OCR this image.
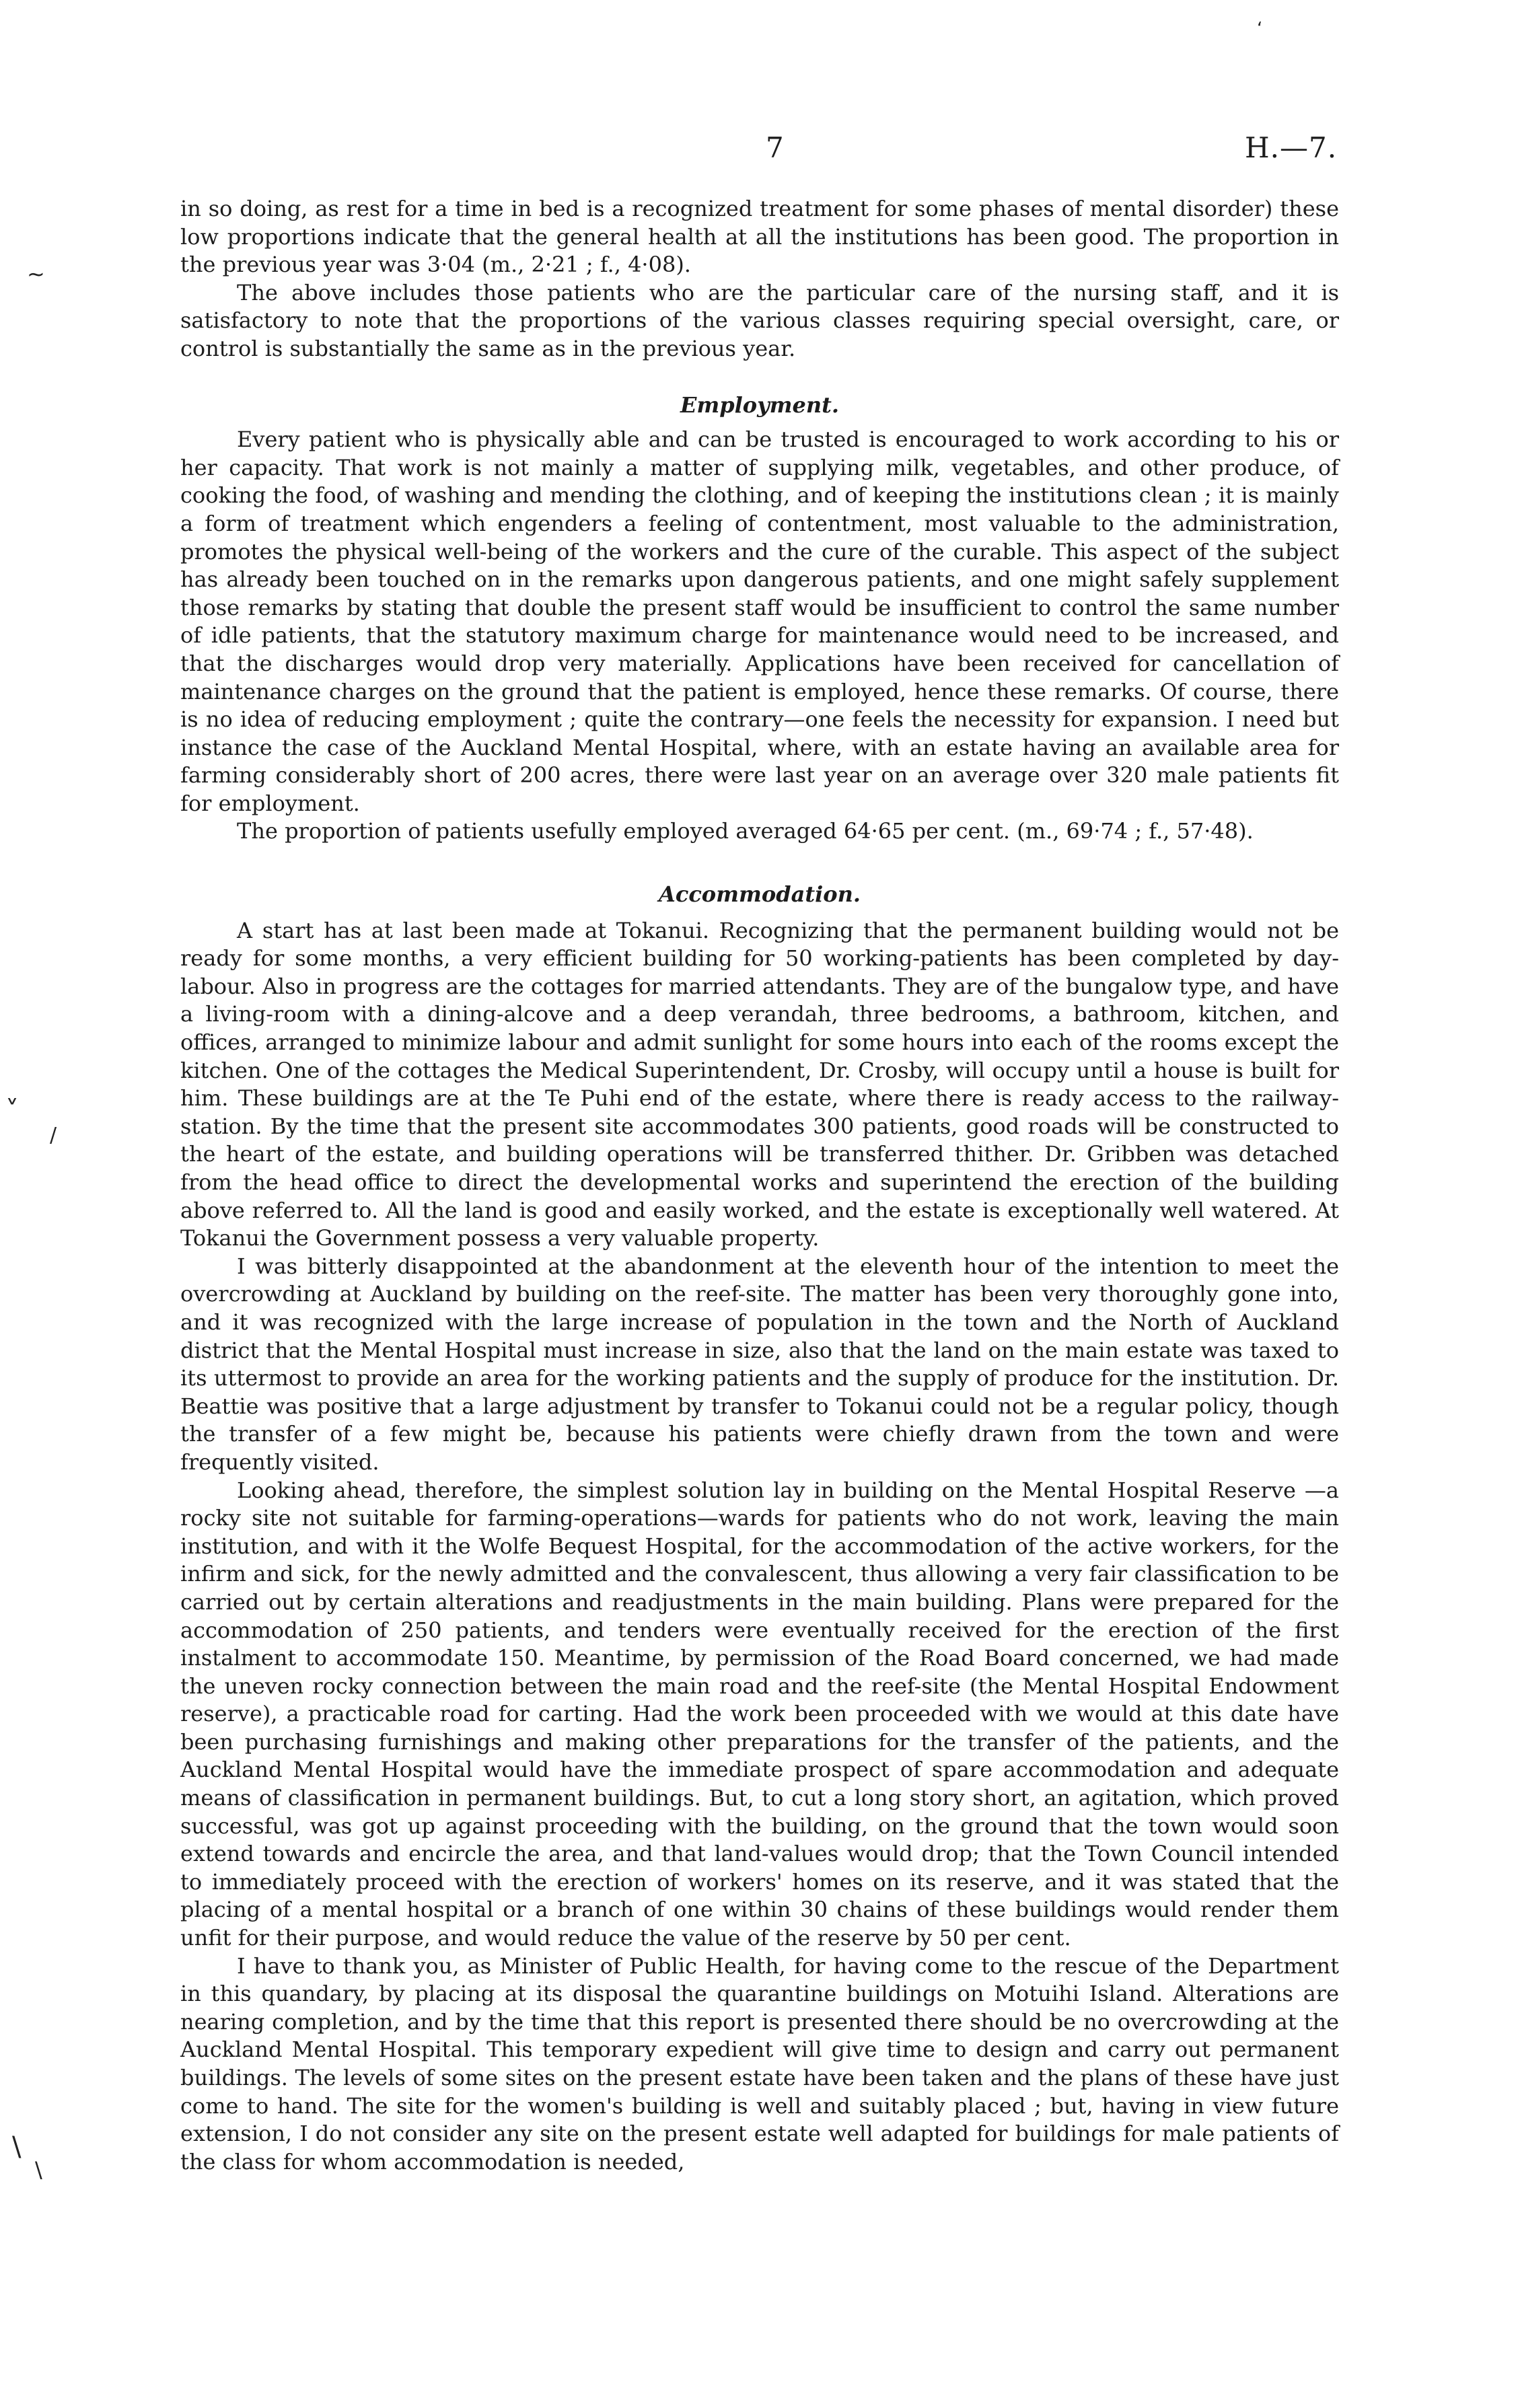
7	H.—7.
‘
~
˅
/
\
\

in so doing, as rest for a time in bed is a recognized treatment for some phases of mental disorder) these low proportions indicate that the general health at all the institutions has been good. The proportion in the previous year was 3·04 (m., 2·21 ; f., 4·08).

The above includes those patients who are the particular care of the nursing staff, and it is satisfactory to note that the proportions of the various classes requiring special oversight, care, or control is substantially the same as in the previous year.

Employment.

Every patient who is physically able and can be trusted is encouraged to work according to his or her capacity. That work is not mainly a matter of supplying milk, vegetables, and other produce, of cooking the food, of washing and mending the clothing, and of keeping the institutions clean ; it is mainly a form of treatment which engenders a feeling of contentment, most valuable to the administration, promotes the physical well-being of the workers and the cure of the curable. This aspect of the subject has already been touched on in the remarks upon dangerous patients, and one might safely supplement those remarks by stating that double the present staff would be insufficient to control the same number of idle patients, that the statutory maximum charge for maintenance would need to be increased, and that the discharges would drop very materially. Applications have been received for cancellation of maintenance charges on the ground that the patient is employed, hence these remarks. Of course, there is no idea of reducing employment ; quite the contrary—one feels the necessity for expansion. I need but instance the case of the Auckland Mental Hospital, where, with an estate having an available area for farming considerably short of 200 acres, there were last year on an average over 320 male patients fit for employment.

The proportion of patients usefully employed averaged 64·65 per cent. (m., 69·74 ; f., 57·48).

Accommodation.

A start has at last been made at Tokanui. Recognizing that the permanent building would not be ready for some months, a very efficient building for 50 working-patients has been completed by day-labour. Also in progress are the cottages for married attendants. They are of the bungalow type, and have a living-room with a dining-alcove and a deep verandah, three bedrooms, a bathroom, kitchen, and offices, arranged to minimize labour and admit sunlight for some hours into each of the rooms except the kitchen. One of the cottages the Medical Superintendent, Dr. Crosby, will occupy until a house is built for him. These buildings are at the Te Puhi end of the estate, where there is ready access to the railway-station. By the time that the present site accommodates 300 patients, good roads will be constructed to the heart of the estate, and building operations will be transferred thither. Dr. Gribben was detached from the head office to direct the developmental works and superintend the erection of the building above referred to. All the land is good and easily worked, and the estate is exceptionally well watered. At Tokanui the Government possess a very valuable property.

I was bitterly disappointed at the abandonment at the eleventh hour of the intention to meet the overcrowding at Auckland by building on the reef-site. The matter has been very thoroughly gone into, and it was recognized with the large increase of population in the town and the North of Auckland district that the Mental Hospital must increase in size, also that the land on the main estate was taxed to its uttermost to provide an area for the working patients and the supply of produce for the institution. Dr. Beattie was positive that a large adjustment by transfer to Tokanui could not be a regular policy, though the transfer of a few might be, because his patients were chiefly drawn from the town and were frequently visited.

Looking ahead, therefore, the simplest solution lay in building on the Mental Hospital Reserve —a rocky site not suitable for farming-operations—wards for patients who do not work, leaving the main institution, and with it the Wolfe Bequest Hospital, for the accommodation of the active workers, for the infirm and sick, for the newly admitted and the convalescent, thus allowing a very fair classification to be carried out by certain alterations and readjustments in the main building. Plans were prepared for the accommodation of 250 patients, and tenders were eventually received for the erection of the first instalment to accommodate 150. Meantime, by permission of the Road Board concerned, we had made the uneven rocky connection between the main road and the reef-site (the Mental Hospital Endowment reserve), a practicable road for carting. Had the work been proceeded with we would at this date have been purchasing furnishings and making other preparations for the transfer of the patients, and the Auckland Mental Hospital would have the immediate prospect of spare accommodation and adequate means of classification in permanent buildings. But, to cut a long story short, an agitation, which proved successful, was got up against proceeding with the building, on the ground that the town would soon extend towards and encircle the area, and that land-values would drop; that the Town Council intended to immediately proceed with the erection of workers' homes on its reserve, and it was stated that the placing of a mental hospital or a branch of one within 30 chains of these buildings would render them unfit for their purpose, and would reduce the value of the reserve by 50 per cent.

I have to thank you, as Minister of Public Health, for having come to the rescue of the Department in this quandary, by placing at its disposal the quarantine buildings on Motuihi Island. Alterations are nearing completion, and by the time that this report is presented there should be no overcrowding at the Auckland Mental Hospital. This temporary expedient will give time to design and carry out permanent buildings. The levels of some sites on the present estate have been taken and the plans of these have just come to hand. The site for the women's building is well and suitably placed ; but, having in view future extension, I do not consider any site on the present estate well adapted for buildings for male patients of the class for whom accommodation is needed,
